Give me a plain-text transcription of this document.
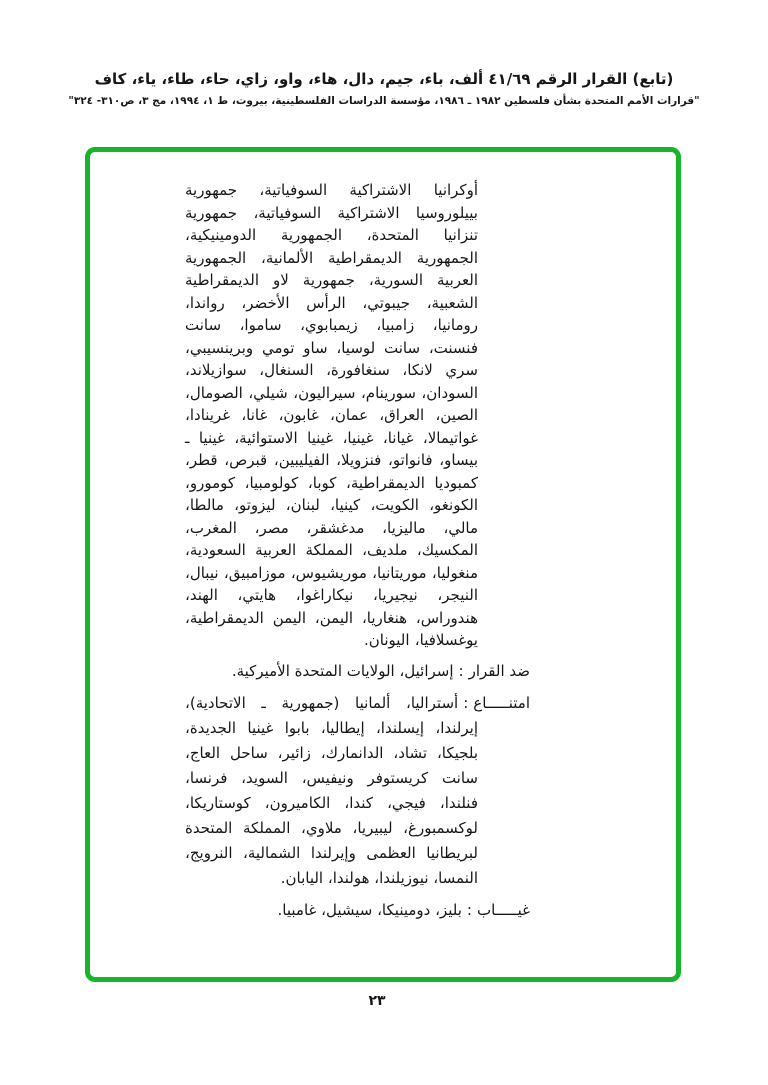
(تابع) القرار الرقم ٤١/٦٩ ألف، باء، جيم، دال، هاء، واو، زاي، حاء، طاء، ياء، كاف
"قرارات الأمم المتحدة بشأن فلسطين ١٩٨٢ ـ ١٩٨٦، مؤسسة الدراسات الفلسطينية، بيروت، ط ١، ١٩٩٤، مج ٣، ص٣١٠- ٣٢٤"

أوكرانيا الاشتراكية السوفياتية، جمهورية بييلوروسيا الاشتراكية السوفياتية، جمهورية تنزانيا المتحدة، الجمهورية الدومينيكية، الجمهورية الديمقراطية الألمانية، الجمهورية العربية السورية، جمهورية لاو الديمقراطية الشعبية، جيبوتي، الرأس الأخضر، رواندا، رومانيا، زامبيا، زيمبابوي، ساموا، سانت فنسنت، سانت لوسيا، ساو تومي وبرينسيبي، سري لانكا، سنغافورة، السنغال، سوازيلاند، السودان، سورينام، سيراليون، شيلي، الصومال، الصين، العراق، عمان، غابون، غانا، غرينادا، غواتيمالا، غيانا، غينيا، غينيا الاستوائية، غينيا ـ بيساو، فانواتو، فنزويلا، الفيليبين، قبرص، قطر، كمبوديا الديمقراطية، كوبا، كولومبيا، كومورو، الكونغو، الكويت، كينيا، لبنان، ليزوتو، مالطا، مالي، ماليزيا، مدغشقر، مصر، المغرب، المكسيك، ملديف، المملكة العربية السعودية، منغوليا، موريتانيا، موريشيوس، موزامبيق، نيبال، النيجر، نيجيريا، نيكاراغوا، هايتي، الهند، هندوراس، هنغاريا، اليمن، اليمن الديمقراطية، يوغسلافيا، اليونان.

ضد القرار:إسرائيل، الولايات المتحدة الأميركية.

امتنـــــاع:أستراليا، ألمانيا (جمهورية ـ الاتحادية)، إيرلندا، إيسلندا، إيطاليا، بابوا غينيا الجديدة، بلجيكا، تشاد، الدانمارك، زائير، ساحل العاج، سانت كريستوفر ونيفيس، السويد، فرنسا، فنلندا، فيجي، كندا، الكاميرون، كوستاريكا، لوكسمبورغ، ليبيريا، ملاوي، المملكة المتحدة لبريطانيا العظمى وإيرلندا الشمالية، النرويج، النمسا، نيوزيلندا، هولندا، اليابان.

غيـــــاب:بليز، دومينيكا، سيشيل، غامبيا.

٢٣
